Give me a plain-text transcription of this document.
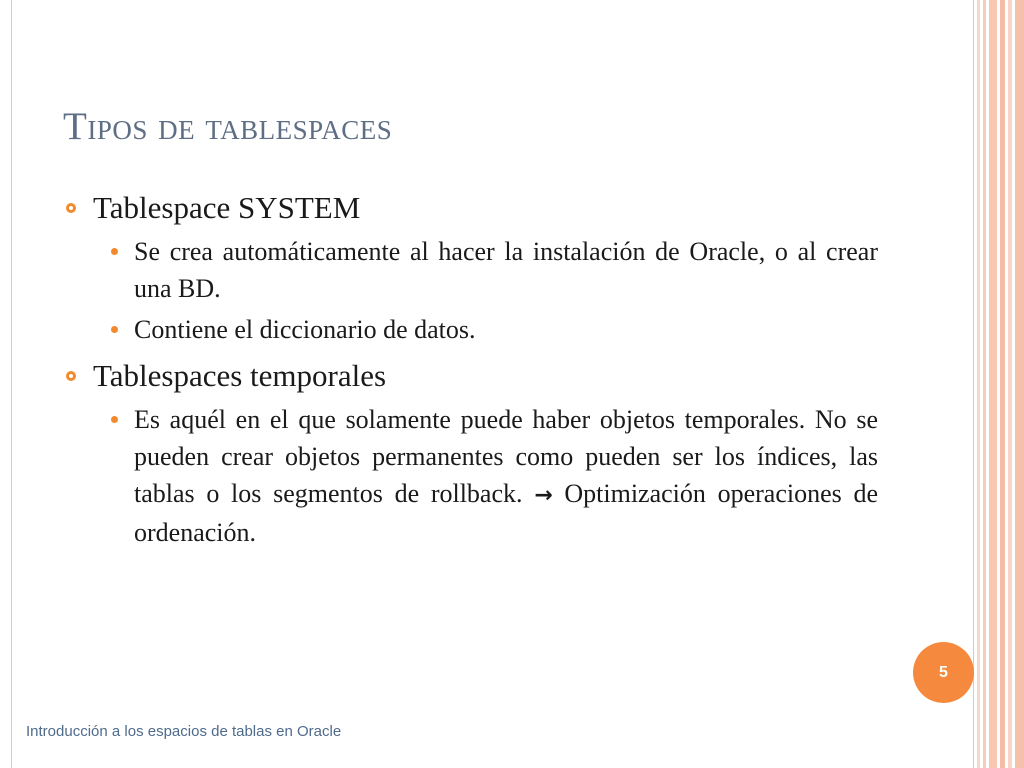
Tipos de tablespaces
Tablespace SYSTEM
Se crea automáticamente al hacer la instalación de Oracle, o al crear una BD.
Contiene el diccionario de datos.
Tablespaces temporales
Es aquél en el que solamente puede haber objetos temporales. No se pueden crear objetos permanentes como pueden ser los índices, las tablas o los segmentos de rollback. → Optimización operaciones de ordenación.
5
Introducción a los espacios de tablas en Oracle
